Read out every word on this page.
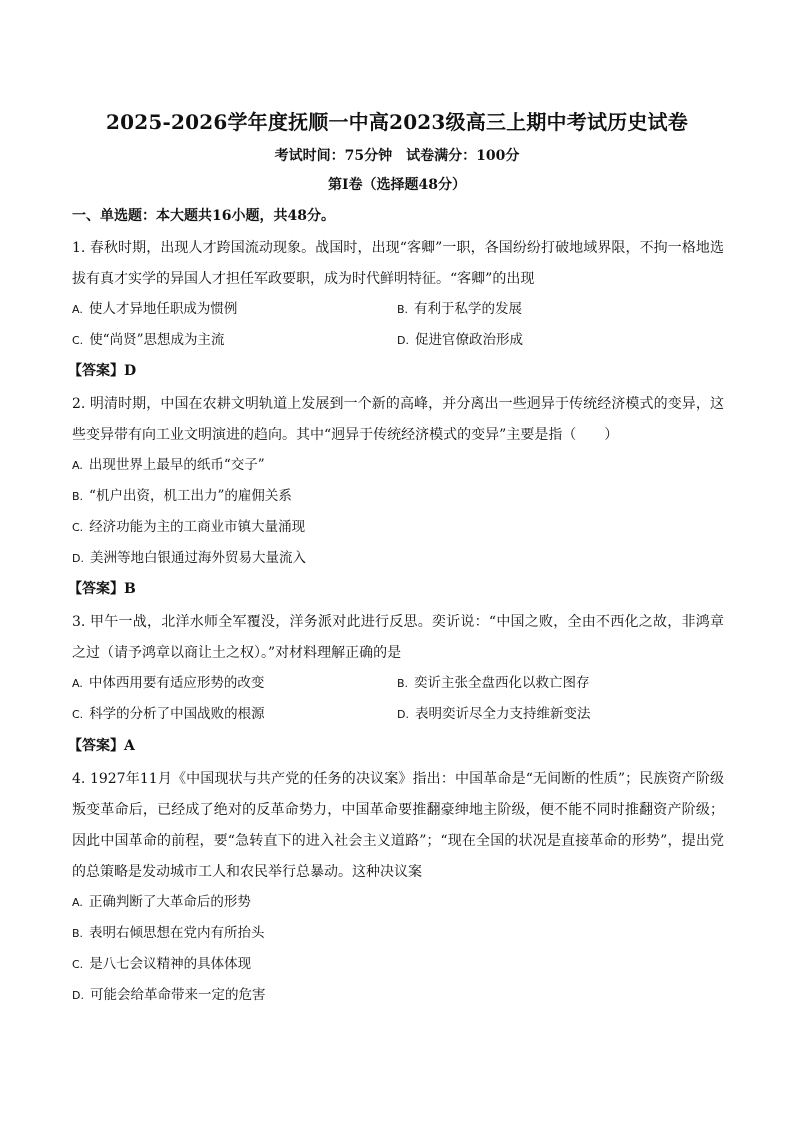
2025-2026学年度抚顺一中高2023级高三上期中考试历史试卷
考试时间：75分钟　试卷满分：100分
第Ⅰ卷（选择题48分）
一、单选题：本大题共16小题，共48分。
1. 春秋时期，出现人才跨国流动现象。战国时，出现“客卿”一职，各国纷纷打破地域界限，不拘一格地选拔有真才实学的异国人才担任军政要职，成为时代鲜明特征。“客卿”的出现
A. 使人才异地任职成为惯例	B. 有利于私学的发展
C. 使“尚贤”思想成为主流	D. 促进官僚政治形成
【答案】D
2. 明清时期，中国在农耕文明轨道上发展到一个新的高峰，并分离出一些迥异于传统经济模式的变异，这些变异带有向工业文明演进的趋向。其中“迥异于传统经济模式的变异”主要是指（　　）
A. 出现世界上最早的纸币“交子”
B. “机户出资，机工出力”的雇佣关系
C. 经济功能为主的工商业市镇大量涌现
D. 美洲等地白银通过海外贸易大量流入
【答案】B
3. 甲午一战，北洋水师全军覆没，洋务派对此进行反思。奕䜣说：“中国之败，全由不西化之故，非鸿章之过（请予鸿章以商让土之权）。”对材料理解正确的是
A. 中体西用要有适应形势的改变	B. 奕䜣主张全盘西化以救亡图存
C. 科学的分析了中国战败的根源	D. 表明奕䜣尽全力支持维新变法
【答案】A
4. 1927年11月《中国现状与共产党的任务的决议案》指出：中国革命是“无间断的性质”；民族资产阶级叛变革命后，已经成了绝对的反革命势力，中国革命要推翻豪绅地主阶级，便不能不同时推翻资产阶级；因此中国革命的前程，要“急转直下的进入社会主义道路”；“现在全国的状况是直接革命的形势”，提出党的总策略是发动城市工人和农民举行总暴动。这种决议案
A. 正确判断了大革命后的形势
B. 表明右倾思想在党内有所抬头
C. 是八七会议精神的具体体现
D. 可能会给革命带来一定的危害
